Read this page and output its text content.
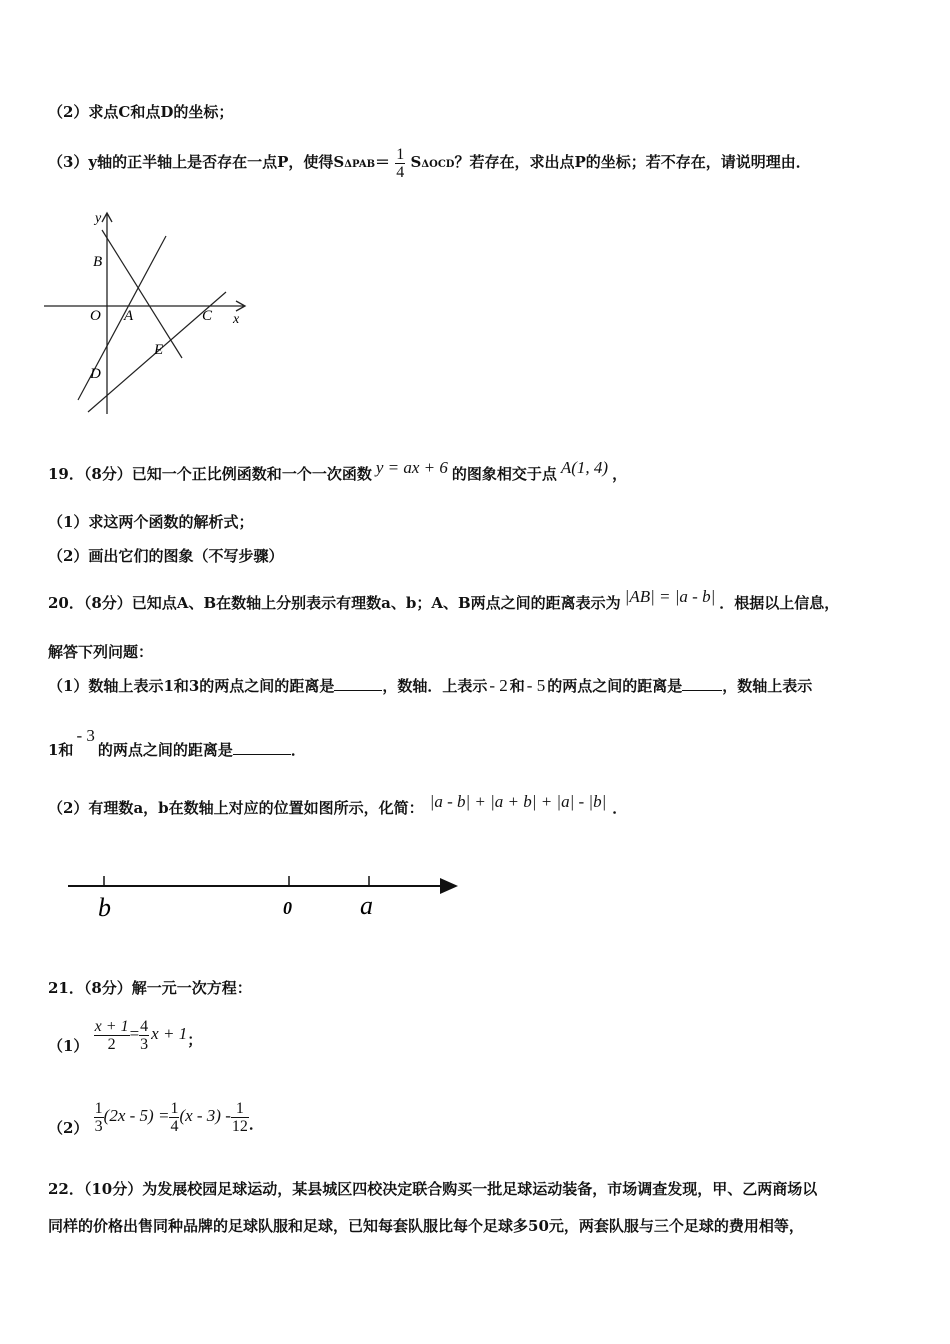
（2）求点C和点D的坐标；
（3）y轴的正半轴上是否存在一点P，使得$S\Delta PAB= \frac{1}{4}$ SΔOCD？若存在，求出点P的坐标；若不存在，请说明理由．
y
B
O A	C x
E
D
19．（8分）已知一个正比例函数和一个一次函数 y = ax + 6 的图象相交于点 A(1, 4) ，
（1）求这两个函数的解析式；
（2）画出它们的图象（不写步骤）
20．（8分）已知点A、B在数轴上分别表示有理数a、b；A、B两点之间的距离表示为 |AB| = |a - b| ．根据以上信息，
解答下列问题：
（1）数轴上表示1和3的两点之间的距离是	，数轴．上表示 - 2 和 - 5 的两点之间的距离是	，数轴上表示
1和- 3的两点之间的距离是	．
（2）有理数a，b在数轴上对应的位置如图所示，化简： |a - b| + |a + b| + |a| - |b| ．
b	0	a
21．（8分）解一元一次方程：
$(1) \frac{x + 1}{2} = \frac{4}{3}$ x + 1；
$(2) \frac{1}{3} (2x - 5) = \frac{1}{4} (x - 3) - \frac{1}{12}$ ．
22．（10分）为发展校园足球运动，某县城区四校决定联合购买一批足球运动装备，市场调查发现，甲、乙两商场以
同样的价格出售同种品牌的足球队服和足球，已知每套队服比每个足球多50元，两套队服与三个足球的费用相等，
